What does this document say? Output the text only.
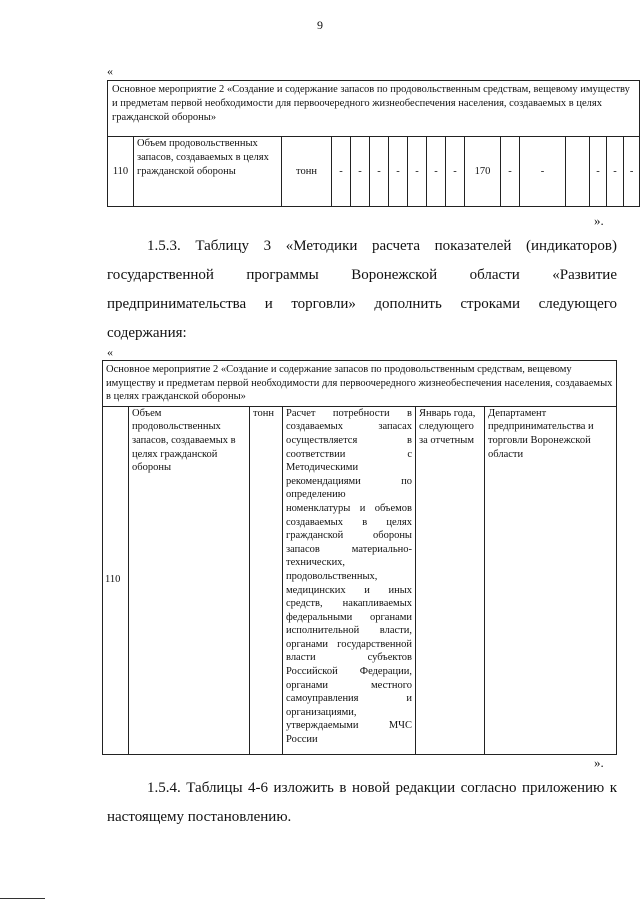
9
«
Основное мероприятие 2 «Создание и содержание запасов по продовольственным средствам, вещевому имуществу и предметам первой необходимости для первоочередного жизнеобеспечения населения, создаваемых в целях гражданской обороны»
110	Объем продовольственных запасов, создаваемых в целях гражданской обороны	тонн	-	-	-	-	-	-	-	170	-	-		-	-	-
».
1.5.3. Таблицу 3 «Методики расчета показателей (индикаторов) государственной программы Воронежской области «Развитие предпринимательства и торговли» дополнить строками следующего содержания:
«
Основное мероприятие 2 «Создание и содержание запасов по продовольственным средствам, вещевому имуществу и предметам первой необходимости для первоочередного жизнеобеспечения населения, создаваемых в целях гражданской обороны»
110	Объем продовольственных запасов, создаваемых в целях гражданской обороны	тонн	Расчет потребности в создаваемых запасах осуществляется в соответствии с Методическими рекомендациями по определению номенклатуры и объемов создаваемых в целях гражданской обороны запасов материально-технических, продовольственных, медицинских и иных средств, накапливаемых федеральными органами исполнительной власти, органами государственной власти субъектов Российской Федерации, органами местного самоуправления и организациями, утверждаемыми МЧС России	Январь года, следующего за отчетным	Департамент предпринимательства и торговли Воронежской области
».
1.5.4. Таблицы 4-6 изложить в новой редакции согласно приложению к настоящему постановлению.
